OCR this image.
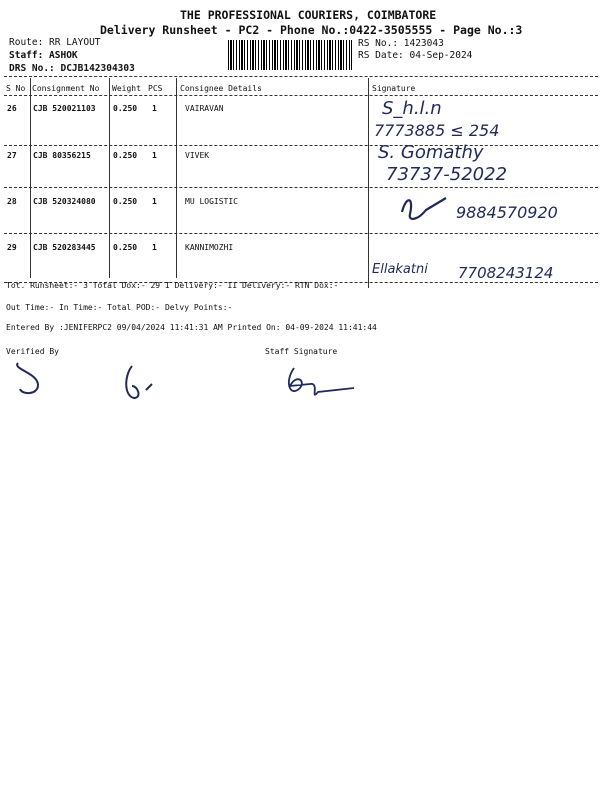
THE PROFESSIONAL COURIERS, COIMBATORE
Delivery Runsheet - PC2 - Phone No.:0422-3505555 - Page No.:3
Route: RR LAYOUT
Staff: ASHOK
DRS No.: DCJB142304303
RS No.: 1423043
RS Date: 04-Sep-2024
S No Consignment No Weight PCS Consignee Details	Signature
26 CJB 520021103 0.250 1	VAIRAVAN	S_h.l.n
7773885 ≤ 254
27 CJB 80356215	0.250 1	VIVEK	S. Gomathy
73737-52022
28 CJB 520324080 0.250 1	MU LOGISTIC
9884570920
29 CJB 520283445 0.250 1	KANNIMOZHI
Ellakatni 7708243124
Tot. Runsheet:- 3 Total Dox:- 29 I Delivery:- II Delivery:- RTN Dox:-
Out Time:- In Time:- Total POD:- Delvy Points:-
Entered By :JENIFERPC2 09/04/2024 11:41:31 AM Printed On: 04-09-2024 11:41:44
Verified By	Staff Signature
